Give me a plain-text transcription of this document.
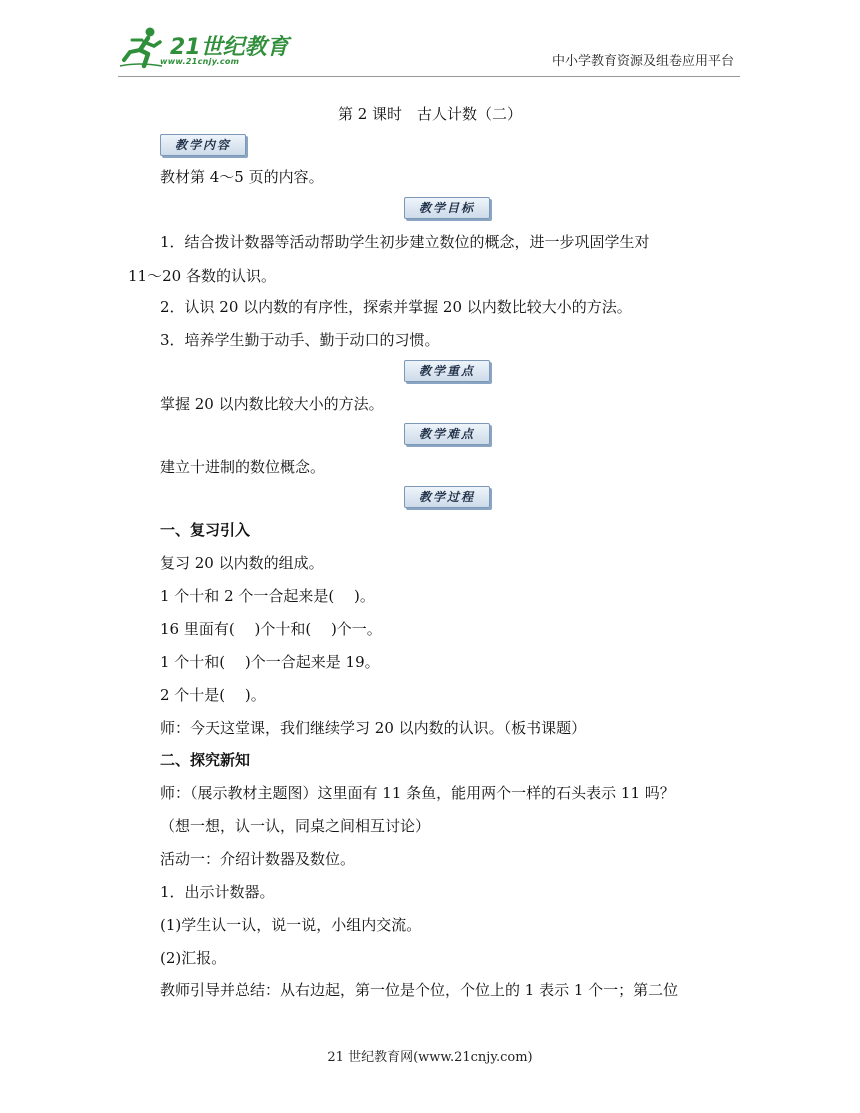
21世纪教育
www.21cnjy.com	中小学教育资源及组卷应用平台
第 2 课时　古人计数（二）
教学内容
教材第 4～5 页的内容。
教学目标
1．结合拨计数器等活动帮助学生初步建立数位的概念，进一步巩固学生对
11～20 各数的认识。
2．认识 20 以内数的有序性，探索并掌握 20 以内数比较大小的方法。
3．培养学生勤于动手、勤于动口的习惯。
教学重点
掌握 20 以内数比较大小的方法。
教学难点
建立十进制的数位概念。
教学过程
一、复习引入
复习 20 以内数的组成。
1 个十和 2 个一合起来是(　 )。
16 里面有(　 )个十和(　 )个一。
1 个十和(　 )个一合起来是 19。
2 个十是(　 )。
师：今天这堂课，我们继续学习 20 以内数的认识。（板书课题）
二、探究新知
师：（展示教材主题图）这里面有 11 条鱼，能用两个一样的石头表示 11 吗？
（想一想，认一认，同桌之间相互讨论）
活动一：介绍计数器及数位。
1．出示计数器。
(1)学生认一认，说一说，小组内交流。
(2)汇报。
教师引导并总结：从右边起，第一位是个位，个位上的 1 表示 1 个一；第二位
21 世纪教育网(www.21cnjy.com)
